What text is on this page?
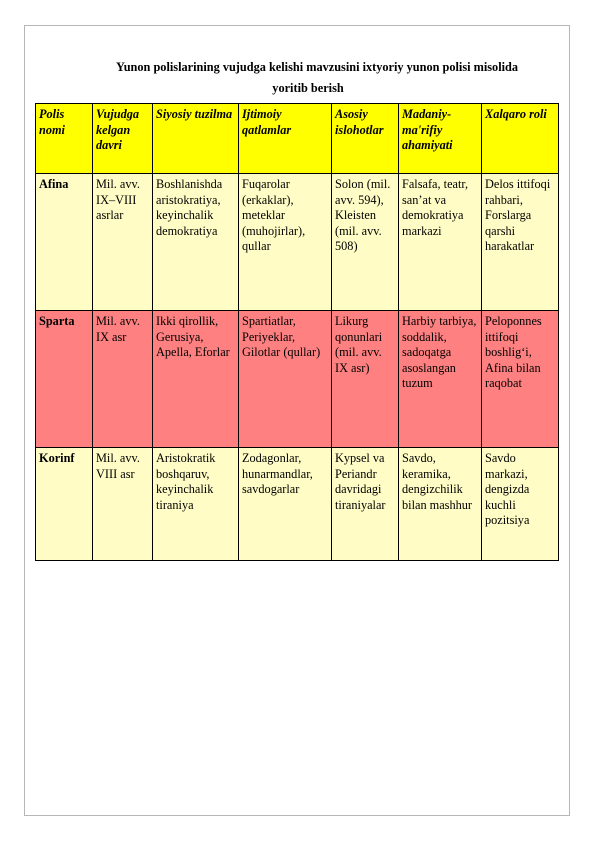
Yunon polislarining vujudga kelishi mavzusini ixtyoriy yunon polisi misolida
yoritib berish
Polis nomi	Vujudga kelgan davri	Siyosiy tuzilma	Ijtimoiy qatlamlar	Asosiy islohotlar	Madaniy-ma'rifiy ahamiyati	Xalqaro roli
Afina	Mil. avv. IX–VIII asrlar	Boshlanishda aristokratiya, keyinchalik demokratiya	Fuqarolar (erkaklar), meteklar (muhojirlar), qullar	Solon (mil. avv. 594), Kleisten (mil. avv. 508)	Falsafa, teatr, san’at va demokratiya markazi	Delos ittifoqi rahbari, Forslarga qarshi harakatlar
Sparta	Mil. avv. IX asr	Ikki qirollik, Gerusiya, Apella, Eforlar	Spartiatlar, Periyeklar, Gilotlar (qullar)	Likurg qonunlari (mil. avv. IX asr)	Harbiy tarbiya, soddalik, sadoqatga asoslangan tuzum	Peloponnes ittifoqi boshlig‘i, Afina bilan raqobat
Korinf	Mil. avv. VIII asr	Aristokratik boshqaruv, keyinchalik tiraniya	Zodagonlar, hunarmandlar, savdogarlar	Kypsel va Periandr davridagi tiraniyalar	Savdo, keramika, dengizchilik bilan mashhur	Savdo markazi, dengizda kuchli pozitsiya
